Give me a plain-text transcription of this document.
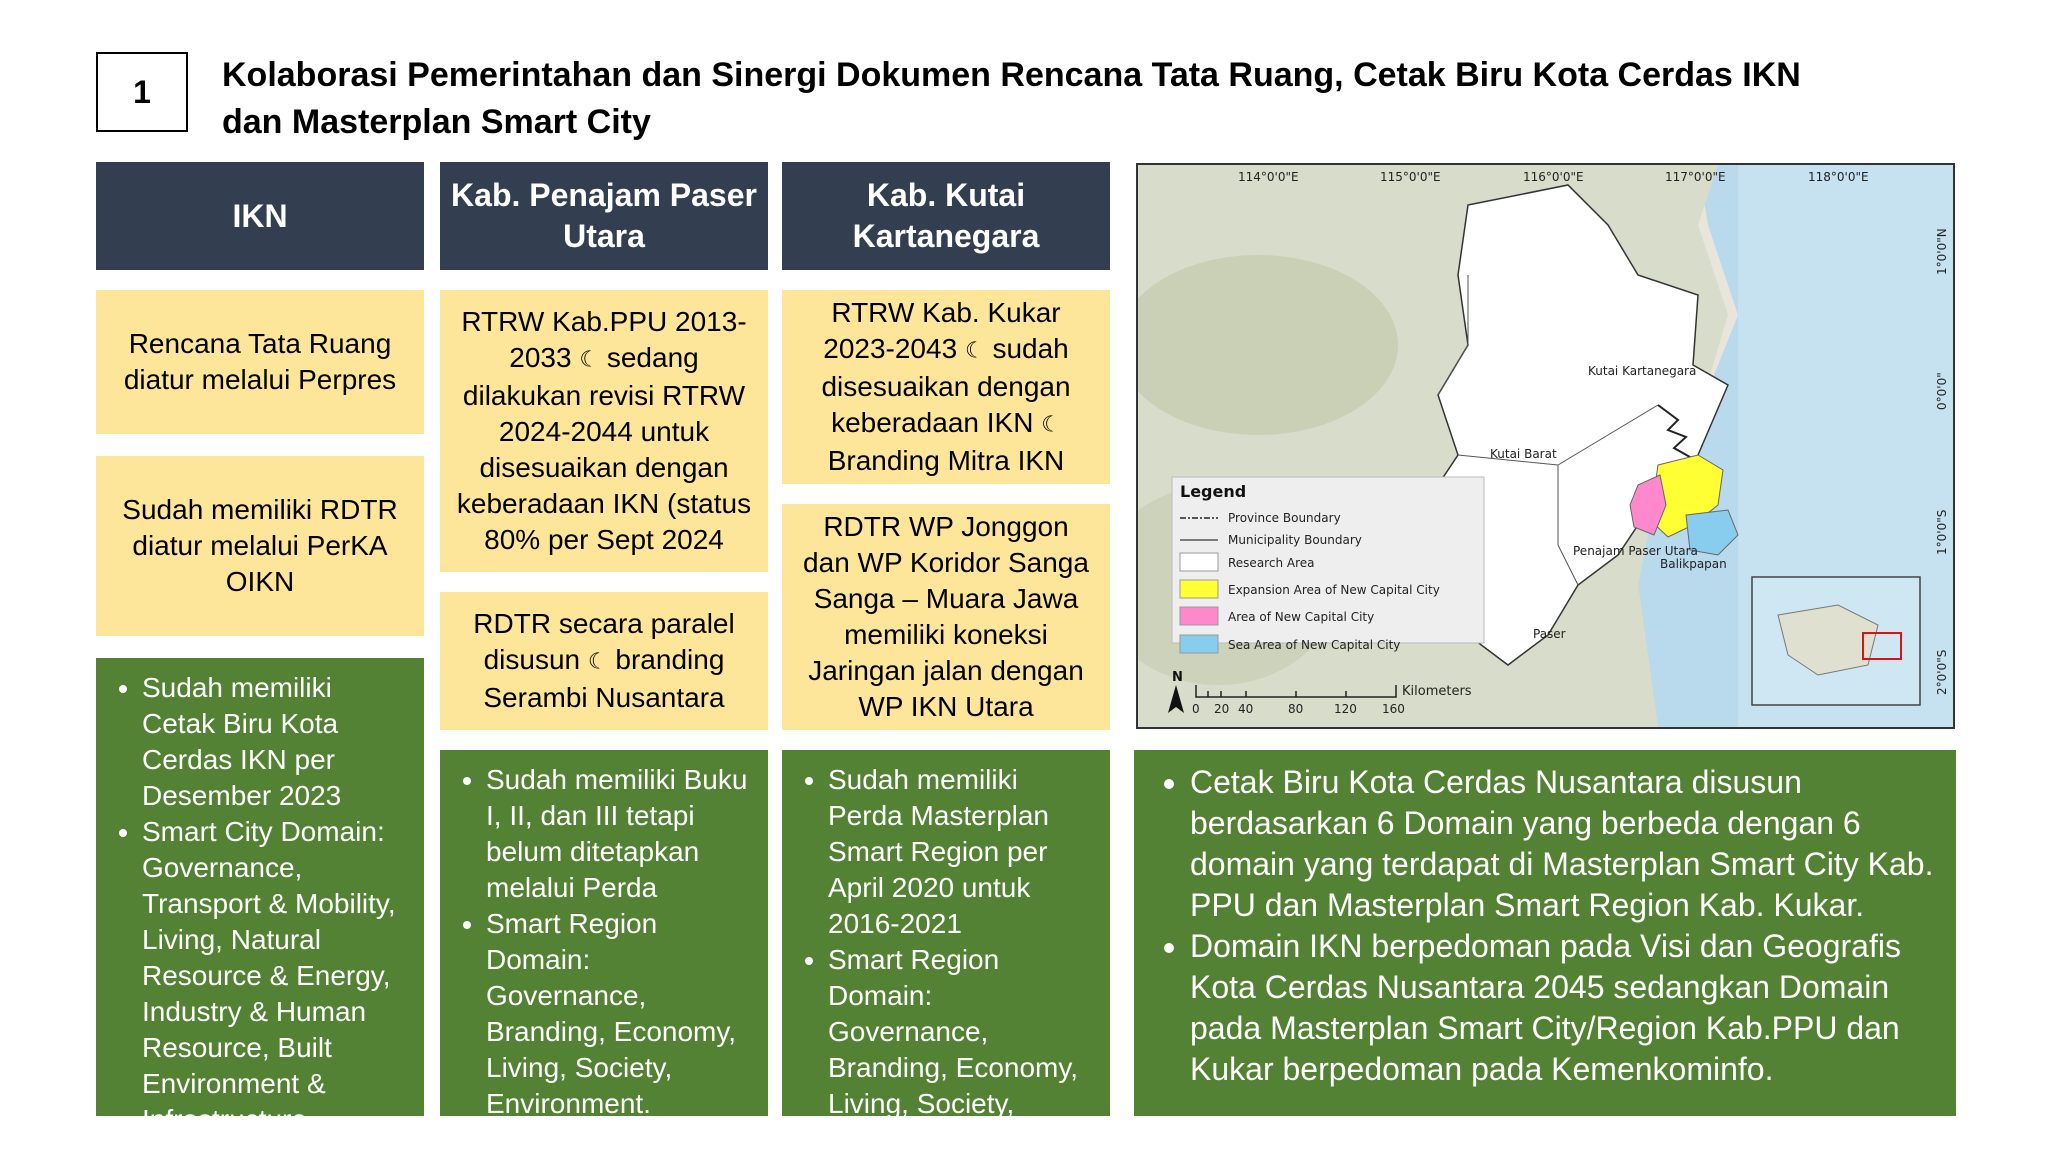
1	Kolaborasi Pemerintahan dan Sinergi Dokumen Rencana Tata Ruang, Cetak Biru Kota Cerdas IKN dan Masterplan Smart City
IKN
Kab. Penajam Paser Utara
Kab. Kutai Kartanegara
Rencana Tata Ruang diatur melalui Perpres
Sudah memiliki RDTR diatur melalui PerKA OIKN
• Sudah memiliki Cetak Biru Kota Cerdas IKN per Desember 2023
• Smart City Domain: Governance, Transport & Mobility, Living, Natural Resource & Energy, Industry & Human Resource, Built Environment & Infrastructure.
RTRW Kab.PPU 2013-2033 ☾ sedang dilakukan revisi RTRW 2024-2044 untuk disesuaikan dengan keberadaan IKN (status 80% per Sept 2024
RDTR secara paralel disusun ☾ branding Serambi Nusantara
• Sudah memiliki Buku I, II, dan III tetapi belum ditetapkan melalui Perda
• Smart Region Domain: Governance, Branding, Economy, Living, Society, Environment.
RTRW Kab. Kukar 2023-2043 ☾ sudah disesuaikan dengan keberadaan IKN ☾ Branding Mitra IKN
RDTR WP Jonggon dan WP Koridor Sanga Sanga – Muara Jawa memiliki koneksi Jaringan jalan dengan WP IKN Utara
• Sudah memiliki Perda Masterplan Smart Region per April 2020 untuk 2016-2021
• Smart Region Domain: Governance, Branding, Economy, Living, Society, Environment.
• Cetak Biru Kota Cerdas Nusantara disusun berdasarkan 6 Domain yang berbeda dengan 6 domain yang terdapat di Masterplan Smart City Kab. PPU dan Masterplan Smart Region Kab. Kukar.
• Domain IKN berpedoman pada Visi dan Geografis Kota Cerdas Nusantara 2045 sedangkan Domain pada Masterplan Smart City/Region Kab.PPU dan Kukar berpedoman pada Kemenkominfo.
114°0'0"E	115°0'0"E	116°0'0"E	117°0'0"E	118°0'0"E
1°0'0"N
0°0'0"
1°0'0"S
2°0'0"S
Kutai Kartanegara
Kutai Barat
Penajam Paser Utara
Balikpapan
Paser
Legend
Province Boundary
Municipality Boundary
Research Area
Expansion Area of New Capital City
Area of New Capital City
Sea Area of New Capital City
N
0 20 40	80	120 160
Kilometers
